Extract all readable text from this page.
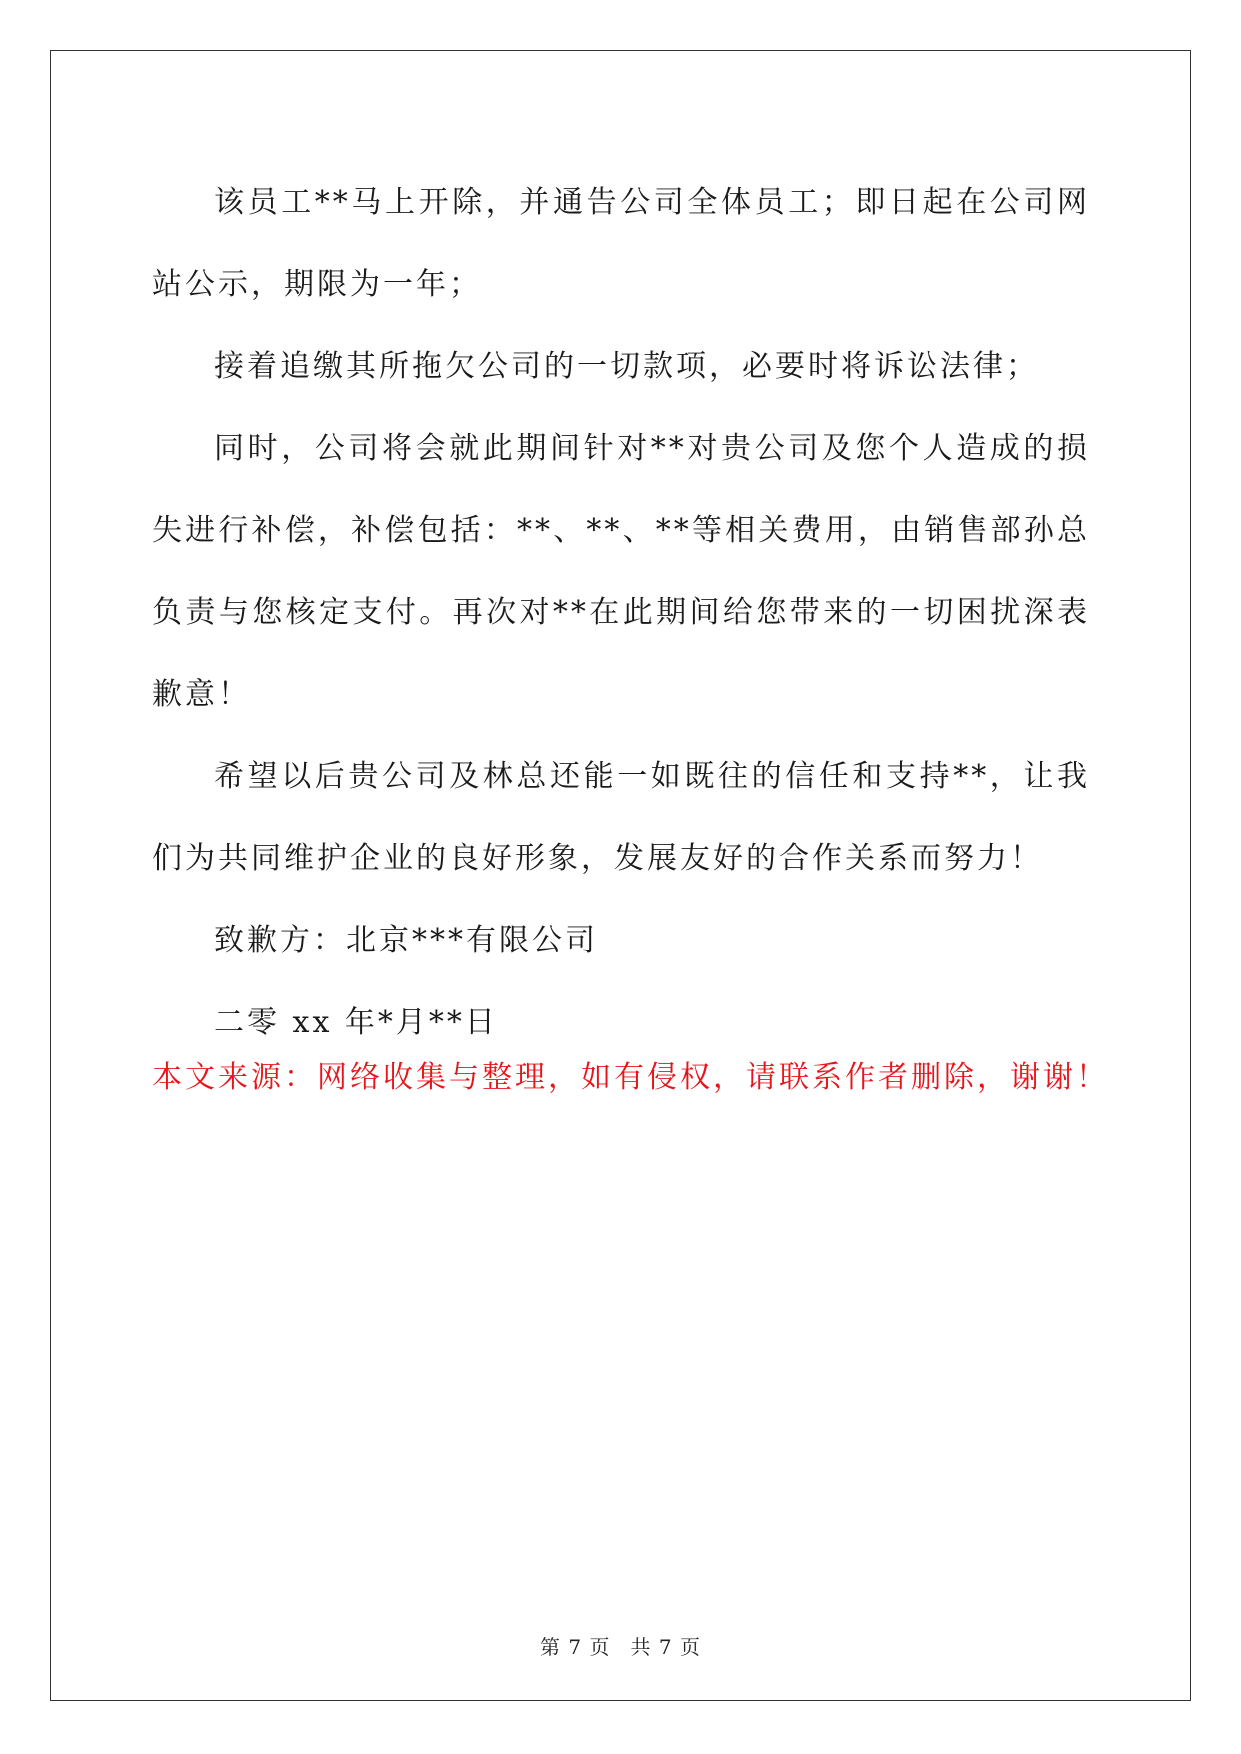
该员工**马上开除，并通告公司全体员工；即日起在公司网站公示，期限为一年；

接着追缴其所拖欠公司的一切款项，必要时将诉讼法律；

同时，公司将会就此期间针对**对贵公司及您个人造成的损失进行补偿，补偿包括：**、**、**等相关费用，由销售部孙总负责与您核定支付。再次对**在此期间给您带来的一切困扰深表歉意！

希望以后贵公司及林总还能一如既往的信任和支持**，让我们为共同维护企业的良好形象，发展友好的合作关系而努力！

致歉方：北京***有限公司

二零 xx 年*月**日

本文来源：网络收集与整理，如有侵权，请联系作者删除，谢谢！
第 7 页 共 7 页
